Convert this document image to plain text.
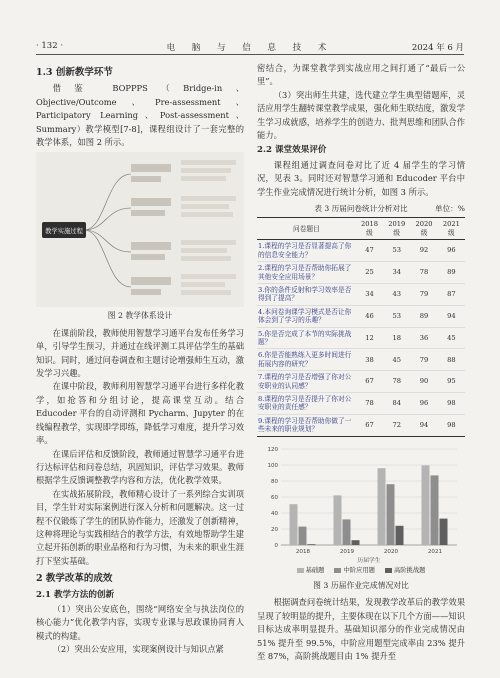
· 132 ·	电 脑 与 信 息 技 术	2024 年 6 月
1.3 创新教学环节

借鉴 BOPPPS（Bridge-in、Objective/Outcome、Pre-assessment、Participatory Learning、Post-assessment、Summary）教学模型[7-8]，课程组设计了一套完整的教学体系，如图 2 所示。

教学实施过程

图 2 教学体系设计

在课前阶段，教师使用智慧学习通平台发布任务学习单，引导学生预习，并通过在线评测工具评估学生的基础知识。同时，通过问卷调查和主题讨论增强师生互动，激发学习兴趣。

在课中阶段，教师利用智慧学习通平台进行多样化教学，如抢答和分组讨论，提高课堂互动。结合 Educoder 平台的自动评测和 Pycharm、Jupyter 的在线编程教学，实现即学即练，降低学习难度，提升学习效率。

在课后评估和反馈阶段，教师通过智慧学习通平台进行达标评估和问卷总结，巩固知识，评估学习效果。教师根据学生反馈调整教学内容和方法，优化教学效果。

在实战拓展阶段，教师精心设计了一系列综合实训项目，学生针对实际案例进行深入分析和问题解决。这一过程不仅锻炼了学生的团队协作能力，还激发了创新精神，这种将理论与实践相结合的教学方法，有效地帮助学生建立起开拓创新的职业品格和行为习惯，为未来的职业生涯打下坚实基础。

2 教学改革的成效
2.1 教学方法的创新

（1）突出公安底色，围绕“网络安全与执法岗位的核心能力”优化教学内容，实现专业课与思政课协同育人模式的构建。

（2）突出公安应用，实现案例设计与知识点紧

密结合，为课堂教学到实战应用之间打通了“最后一公里”。

（3）突出师生共建，选代建立学生典型错题库，灵活应用学生翻转课堂教学成果，强化师生联结度，激发学生学习成就感，培养学生的创造力、批判思维和团队合作能力。

2.2 课堂效果评价

课程组通过调查问卷对比了近 4 届学生的学习情况，见表 3。同时还对智慧学习通和 Educoder 平台中学生作业完成情况进行统计分析，如图 3 所示。

表 3 历届问卷统计分析对比	单位：%
问卷题目	2018 级	2019 级	2020 级	2021 级
1.课程的学习是否显著提高了你的信息安全能力？	47	53	92	96
2.课程的学习是否帮助你拓展了其他安全应用场景？	25	34	78	89
3.你的条件反射和学习效率是否得到了提高？	34	43	79	87
4.本问卷询课学习模式是否让你体会到了学习的乐趣？	46	53	89	94
5.你是否完成了本节的实际挑战题？	12	18	36	45
6.你是否能熟练入更多时间进行拓展内容的研究？	38	45	79	88
7.课程的学习是否增强了你对公安职业的认同感？	67	78	90	95
8.课程的学习是否提升了你对公安职业的责任感？	78	84	96	98
9.课程的学习是否帮助你做了一些未来的职业规划？	67	72	94	98
0
20
40
60
80
100
120
2018	2019	2020	2021
历届学生
基础题	中阶应用题	高阶挑战题

图 3 历届作业完成情况对比

根据调查问卷统计结果，发现教学改革后的教学效果呈现了较明显的提升，主要体现在以下几个方面——知识目标达成率明显提升。基础知识部分的作业完成情况由 51% 提升至 99.5%，中阶应用题型完成率由 23% 提升至 87%，高阶挑战题目由 1% 提升至
